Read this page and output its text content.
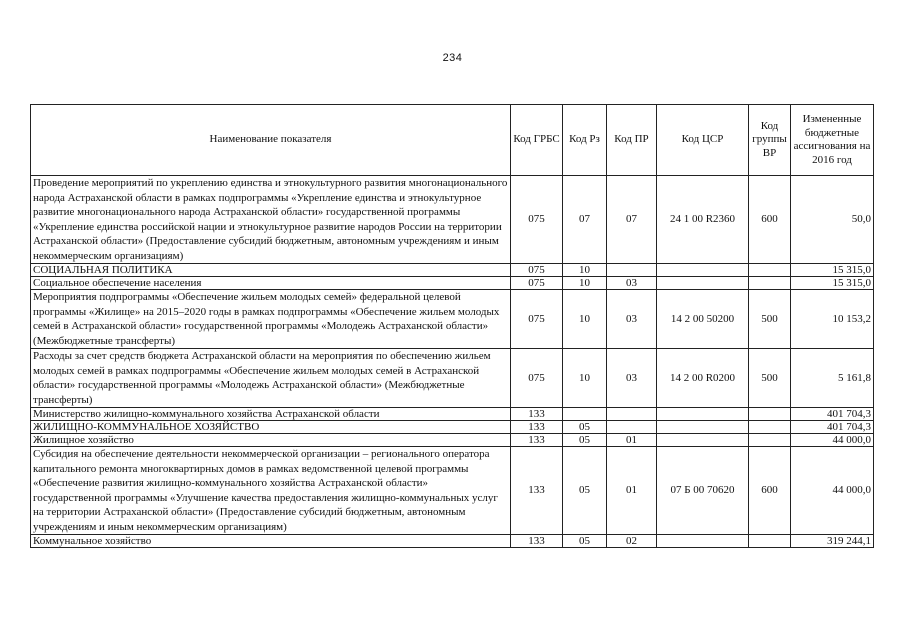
234
Наименование показателя	Код ГРБС	Код Рз	Код ПР	Код ЦСР	Код группы ВР	Измененные бюджетные ассигнования на 2016 год
Проведение мероприятий по укреплению единства и этнокультурного развития многонационального народа Астраханской области в рамках подпрограммы «Укрепление единства и этнокультурное развитие многонационального народа Астраханской области» государственной программы «Укрепление единства российской нации и этнокультурное развитие народов России на территории Астраханской области» (Предоставление субсидий бюджетным, автономным учреждениям и иным некоммерческим организациям)	075	07	07	24 1 00 R2360	600	50,0
СОЦИАЛЬНАЯ ПОЛИТИКА	075	10				15 315,0
Социальное обеспечение населения	075	10	03			15 315,0
Мероприятия подпрограммы «Обеспечение жильем молодых семей» федеральной целевой программы «Жилище» на 2015–2020 годы в рамках подпрограммы «Обеспечение жильем молодых семей в Астраханской области» государственной программы «Молодежь Астраханской области» (Межбюджетные трансферты)	075	10	03	14 2 00 50200	500	10 153,2
Расходы за счет средств бюджета Астраханской области на мероприятия по обеспечению жильем молодых семей в рамках подпрограммы «Обеспечение жильем молодых семей в Астраханской области» государственной программы «Молодежь Астраханской области» (Межбюджетные трансферты)	075	10	03	14 2 00 R0200	500	5 161,8
Министерство жилищно-коммунального хозяйства Астраханской области	133					401 704,3
ЖИЛИЩНО-КОММУНАЛЬНОЕ ХОЗЯЙСТВО	133	05				401 704,3
Жилищное хозяйство	133	05	01			44 000,0
Субсидия на обеспечение деятельности некоммерческой организации – регионального оператора капитального ремонта многоквартирных домов в рамках ведомственной целевой программы «Обеспечение развития жилищно-коммунального хозяйства Астраханской области» государственной программы «Улучшение качества предоставления жилищно-коммунальных услуг на территории Астраханской области» (Предоставление субсидий бюджетным, автономным учреждениям и иным некоммерческим организациям)	133	05	01	07 Б 00 70620	600	44 000,0
Коммунальное хозяйство	133	05	02			319 244,1
